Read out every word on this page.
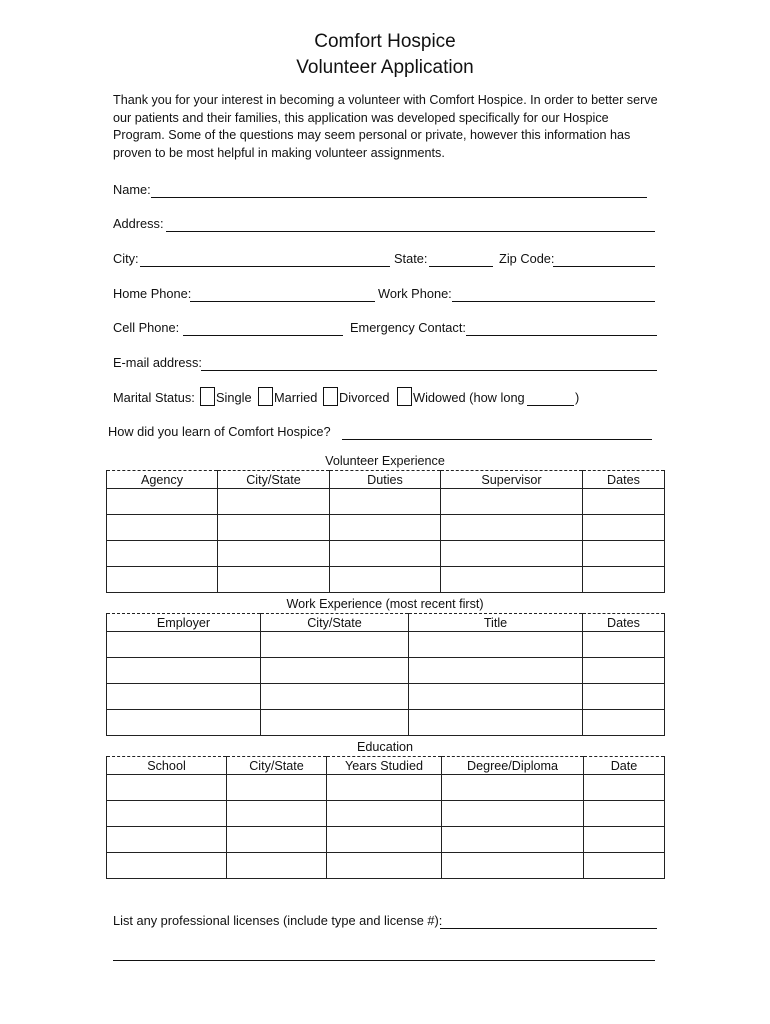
Comfort Hospice
Volunteer Application
Thank you for your interest in becoming a volunteer with Comfort Hospice. In order to better serve our patients and their families, this application was developed specifically for our Hospice Program. Some of the questions may seem personal or private, however this information has proven to be most helpful in making volunteer assignments.
Name:
Address:
City:	State:	Zip Code:
Home Phone:	Work Phone:
Cell Phone:	Emergency Contact:
E-mail address:
Marital Status: Single Married Divorced Widowed (how long	)
How did you learn of Comfort Hospice?
Volunteer Experience
Agency	City/State	Duties	Supervisor	Dates

Work Experience (most recent first)
Employer	City/State	Title	Dates

Education
School	City/State	Years Studied	Degree/Diploma	Date

List any professional licenses (include type and license #):
